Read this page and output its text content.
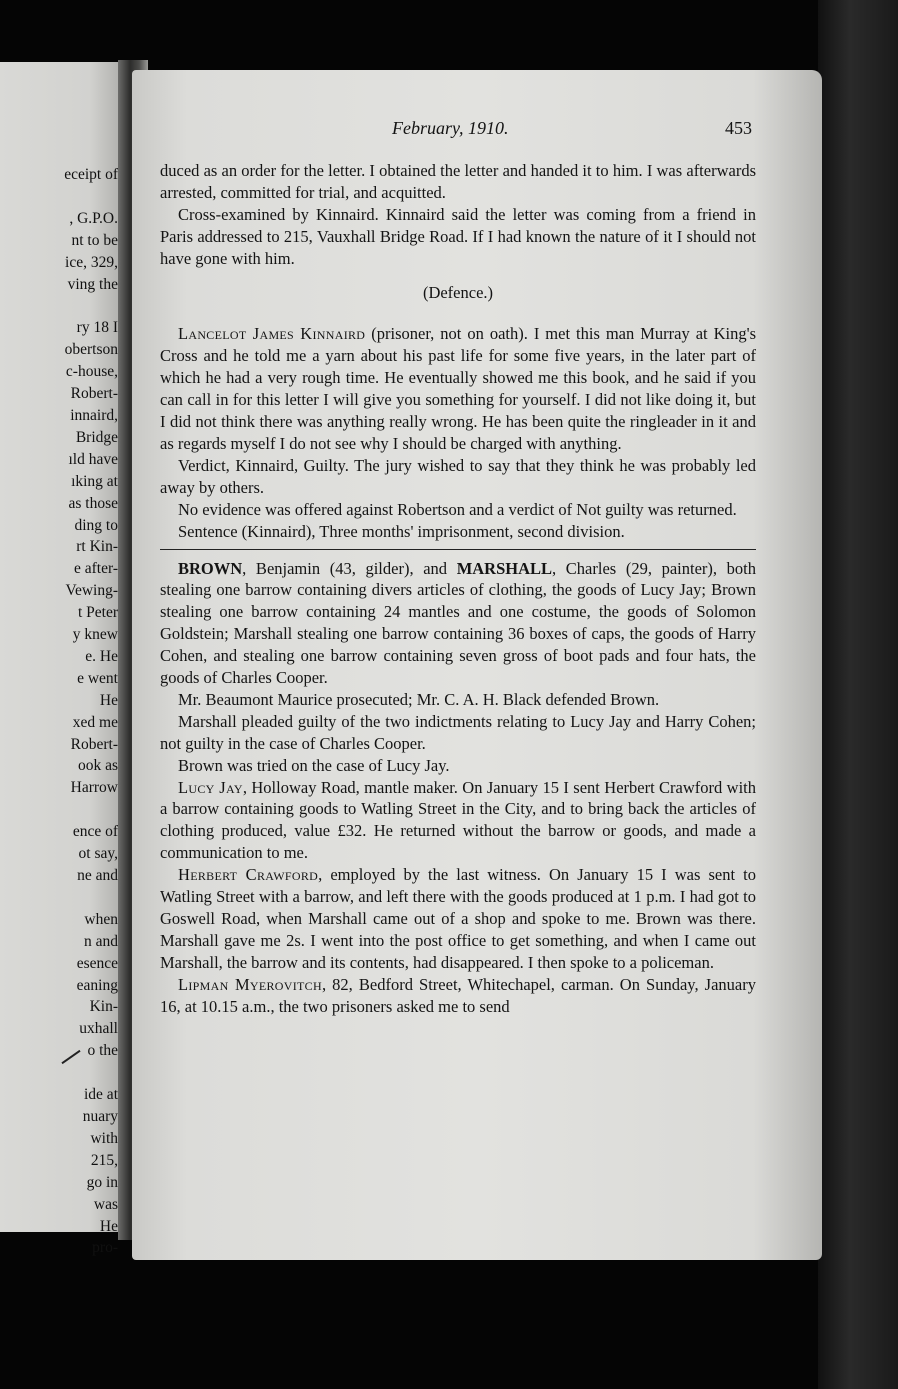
eceipt of

, G.P.O.
nt to be
ice, 329,
ving the

ry 18 I
obertson
c-house,
Robert-
innaird,
Bridge
ıld have
ıking at
as those
ding to
rt Kin-
e after-
Vewing-
t Peter
y knew
e. He
e went
He
xed me
Robert-
ook as
Harrow

ence of
ot say,
ne and

when
n and
esence
eaning
Kin-
uxhall
o the

ide at
nuary
with
215,
go in
was
He
pro-
February, 1910.	453

duced as an order for the letter. I obtained the letter and handed it to him. I was afterwards arrested, committed for trial, and acquitted.

Cross-examined by Kinnaird. Kinnaird said the letter was coming from a friend in Paris addressed to 215, Vauxhall Bridge Road. If I had known the nature of it I should not have gone with him.

(Defence.)

Lancelot James Kinnaird (prisoner, not on oath). I met this man Murray at King's Cross and he told me a yarn about his past life for some five years, in the later part of which he had a very rough time. He eventually showed me this book, and he said if you can call in for this letter I will give you something for yourself. I did not like doing it, but I did not think there was anything really wrong. He has been quite the ringleader in it and as regards myself I do not see why I should be charged with anything.

Verdict, Kinnaird, Guilty. The jury wished to say that they think he was probably led away by others.

No evidence was offered against Robertson and a verdict of Not guilty was returned.

Sentence (Kinnaird), Three months' imprisonment, second division.

BROWN, Benjamin (43, gilder), and MARSHALL, Charles (29, painter), both stealing one barrow containing divers articles of clothing, the goods of Lucy Jay; Brown stealing one barrow containing 24 mantles and one costume, the goods of Solomon Goldstein; Marshall stealing one barrow containing 36 boxes of caps, the goods of Harry Cohen, and stealing one barrow containing seven gross of boot pads and four hats, the goods of Charles Cooper.

Mr. Beaumont Maurice prosecuted; Mr. C. A. H. Black defended Brown.

Marshall pleaded guilty of the two indictments relating to Lucy Jay and Harry Cohen; not guilty in the case of Charles Cooper.

Brown was tried on the case of Lucy Jay.

Lucy Jay, Holloway Road, mantle maker. On January 15 I sent Herbert Crawford with a barrow containing goods to Watling Street in the City, and to bring back the articles of clothing produced, value £32. He returned without the barrow or goods, and made a communication to me.

Herbert Crawford, employed by the last witness. On January 15 I was sent to Watling Street with a barrow, and left there with the goods produced at 1 p.m. I had got to Goswell Road, when Marshall came out of a shop and spoke to me. Brown was there. Marshall gave me 2s. I went into the post office to get something, and when I came out Marshall, the barrow and its contents, had disappeared. I then spoke to a policeman.

Lipman Myerovitch, 82, Bedford Street, Whitechapel, carman. On Sunday, January 16, at 10.15 a.m., the two prisoners asked me to send
